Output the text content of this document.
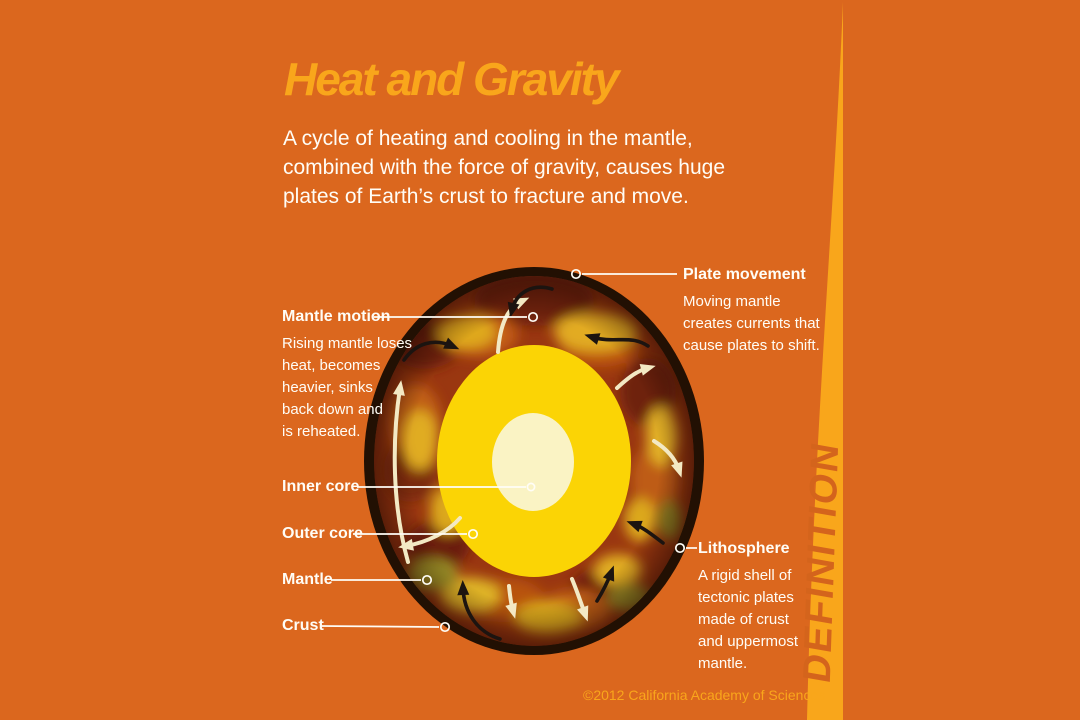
Heat and Gravity
A cycle of heating and cooling in the mantle,
combined with the force of gravity, causes huge
plates of Earth’s crust to fracture and move.
Mantle motion
Rising mantle loses
heat, becomes
heavier, sinks
back down and
is reheated.
Plate movement
Moving mantle
creates currents that
cause plates to shift.
Lithosphere
A rigid shell of
tectonic plates
made of crust
and uppermost
mantle.
Inner core
Outer core
Mantle
Crust	DEFINITION
©2012 California Academy of Sciences
